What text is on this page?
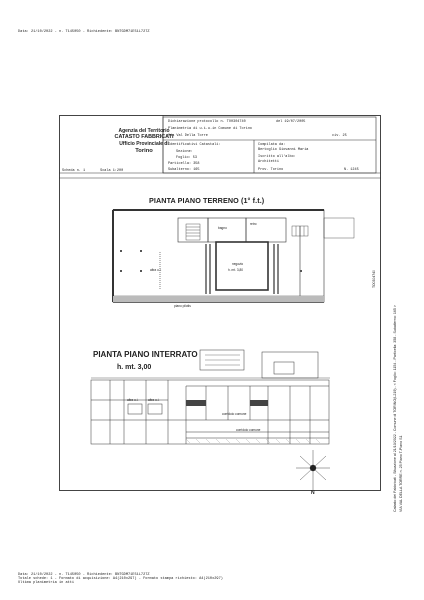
Data: 21/10/2022 - n. T145050 - Richiedente: BNTGDM71E51L727Z
Agenzia del Territorio
CATASTO FABBRICATI
Ufficio Provinciale di
Torino
Dichiarazione protocollo n. TO0304740	del 19/07/2005
Planimetria di u.i.u.in Comune di Torino
Via Val Della Torre	civ. 25
Identificativi Catastali:
Sezione:
Foglio: 53
Particella: 358
Subalterno: 165
Compilata da:
Bertoglio Giovanni Maria
Iscritto all'albo:
Architetti
Prov. Torino	N. 1245
Scheda n. 1	Scala 1:200
PIANTA PIANO TERRENO (1° f.t.)
bagno
retro
altra u.i.
negozio
h. mt. 3,80
piano pilotis
PIANTA PIANO INTERRATO
h. mt. 3,00
altra u.i.	altra u.i.
corridoio comune
corridoio comune
N
Data: 21/10/2022 - n. T145050 - Richiedente: BNTGDM71E51L727Z
Totale schede: 1 - Formato di acquisizione: A4(210x297) - Formato stampa richiesto: A4(210x297)
Ultima planimetria in atti
Catasto dei Fabbricati - Situazione al 21/10/2022 - Comune di TORINO(L219) - < Foglio: 1154 - Particella: 358 - Subalterno: 165 > VIA VAL DELLA TORRE n. 25 Piano T-Piano S1
TO0304740
